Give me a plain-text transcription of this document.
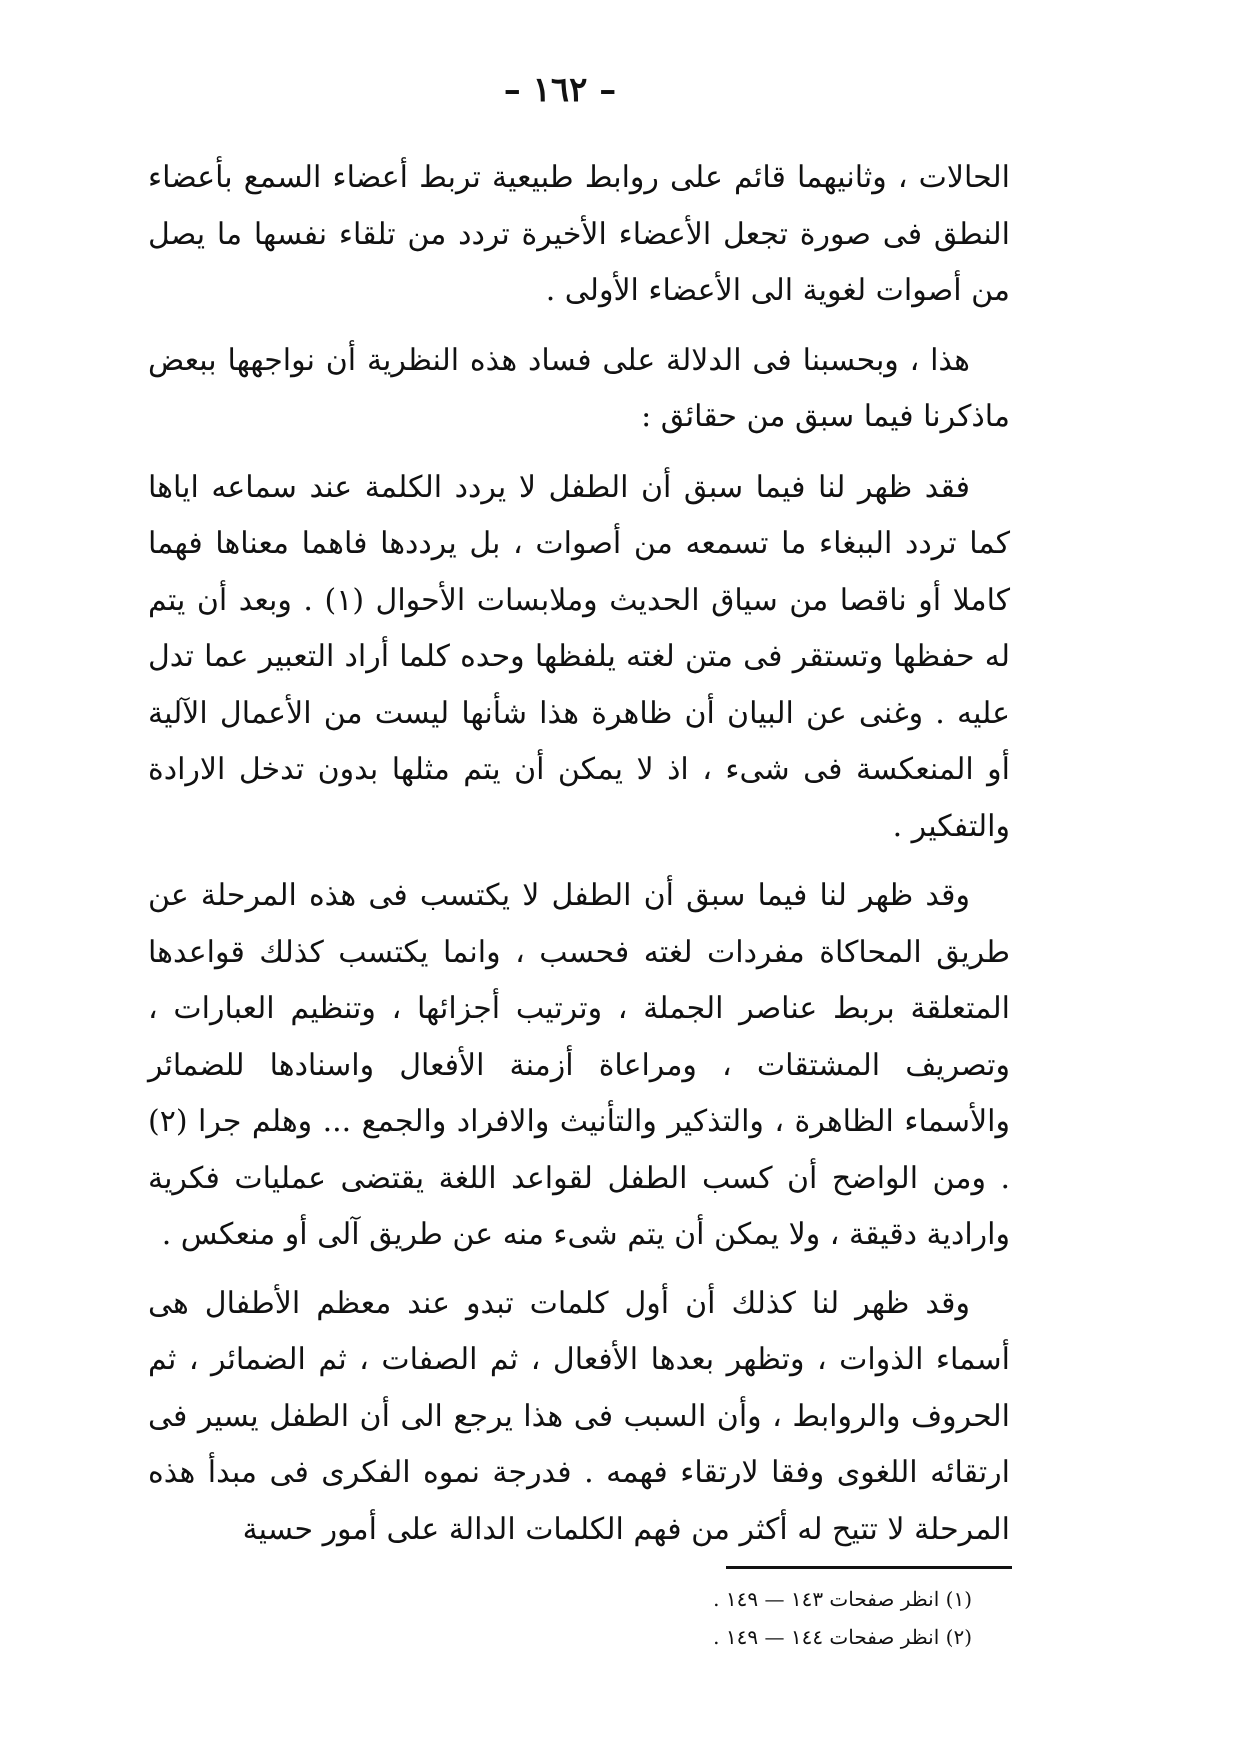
– ١٦٢ –

الحالات ، وثانيهما قائم على روابط طبيعية تربط أعضاء السمع بأعضاء النطق فى صورة تجعل الأعضاء الأخيرة تردد من تلقاء نفسها ما يصل من أصوات لغوية الى الأعضاء الأولى .

هذا ، وبحسبنا فى الدلالة على فساد هذه النظرية أن نواجهها ببعض ماذكرنا فيما سبق من حقائق :

فقد ظهر لنا فيما سبق أن الطفل لا يردد الكلمة عند سماعه اياها كما تردد الببغاء ما تسمعه من أصوات ، بل يرددها فاهما معناها فهما كاملا أو ناقصا من سياق الحديث وملابسات الأحوال (١) . وبعد أن يتم له حفظها وتستقر فى متن لغته يلفظها وحده كلما أراد التعبير عما تدل عليه . وغنى عن البيان أن ظاهرة هذا شأنها ليست من الأعمال الآلية أو المنعكسة فى شىء ، اذ لا يمكن أن يتم مثلها بدون تدخل الارادة والتفكير .

وقد ظهر لنا فيما سبق أن الطفل لا يكتسب فى هذه المرحلة عن طريق المحاكاة مفردات لغته فحسب ، وانما يكتسب كذلك قواعدها المتعلقة بربط عناصر الجملة ، وترتيب أجزائها ، وتنظيم العبارات ، وتصريف المشتقات ، ومراعاة أزمنة الأفعال واسنادها للضمائر والأسماء الظاهرة ، والتذكير والتأنيث والافراد والجمع ... وهلم جرا (٢) . ومن الواضح أن كسب الطفل لقواعد اللغة يقتضى عمليات فكرية وارادية دقيقة ، ولا يمكن أن يتم شىء منه عن طريق آلى أو منعكس .

وقد ظهر لنا كذلك أن أول كلمات تبدو عند معظم الأطفال هى أسماء الذوات ، وتظهر بعدها الأفعال ، ثم الصفات ، ثم الضمائر ، ثم الحروف والروابط ، وأن السبب فى هذا يرجع الى أن الطفل يسير فى ارتقائه اللغوى وفقا لارتقاء فهمه . فدرجة نموه الفكرى فى مبدأ هذه المرحلة لا تتيح له أكثر من فهم الكلمات الدالة على أمور حسية

(١) انظر صفحات ١٤٣ — ١٤٩ .

(٢) انظر صفحات ١٤٤ — ١٤٩ .
